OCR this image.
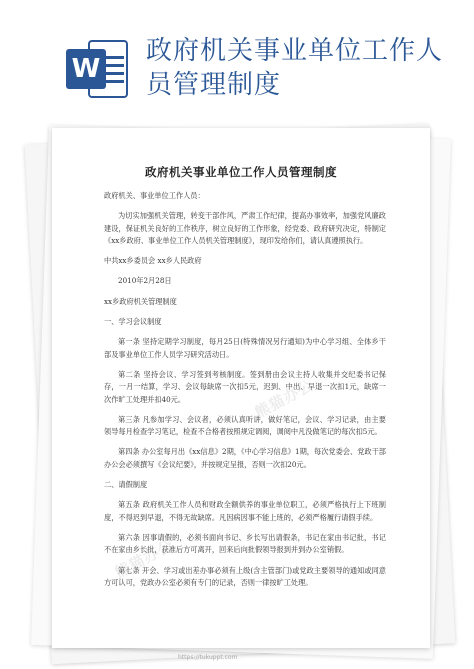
W
政府机关事业单位工作人员管理制度
政府机关事业单位工作人员管理制度

政府机关、事业单位工作人员：

为切实加强机关管理，转变干部作风，严肃工作纪律，提高办事效率，加强党风廉政建设，保证机关良好的工作秩序，树立良好的工作形象，经党委、政府研究决定，特制定《xx乡政府、事业单位工作人员机关管理制度》，现印发给你们，请认真遵照执行。

中共xx乡委员会 xx乡人民政府

2010年2月28日

xx乡政府机关管理制度

一、学习会议制度

第一条 坚持定期学习制度，每月25日(特殊情况另行通知)为中心学习组、全体乡干部及事业单位工作人员学习研究活动日。

第二条 坚持会议、学习签到考核制度。签到册由会议主持人收集并交纪委书记保存，一月一结算，学习、会议每缺席一次扣5元，迟到、中出、早退一次扣1元，缺席一次作旷工处理并扣40元。

第三条 凡参加学习、会议者，必须认真听讲，做好笔记，会议、学习记录，由主要领导每月检查学习笔记，检查不合格者按照规定调阅，调阅中凡没做笔记的每次扣5元。

第四条 办公室每月出《xx信息》2期，《中心学习信息》1期，每次党委会、党政干部办公会必须撰写《会议纪要》，并按规定呈报，否则一次扣20元。

二、请假制度

第五条 政府机关工作人员和财政全额供养的事业单位职工，必须严格执行上下班制度，不得迟到早退，不得无故缺席。凡因病因事不能上班的，必须严格履行请假手续。

第六条 因事请假的，必须书面向书记、乡长写出请假条，书记在家由书记批，书记不在家由乡长批，获准后方可离开，回来后向批假领导报到并到办公室销假。

第七条 开会、学习或出差办事必须有上级(含主管部门)或党政主要领导的通知或同意方可认可，党政办公室必须有专门的记录，否则一律按旷工处理。

熊猫办公
熊猫办公
https://tukuppt.com
